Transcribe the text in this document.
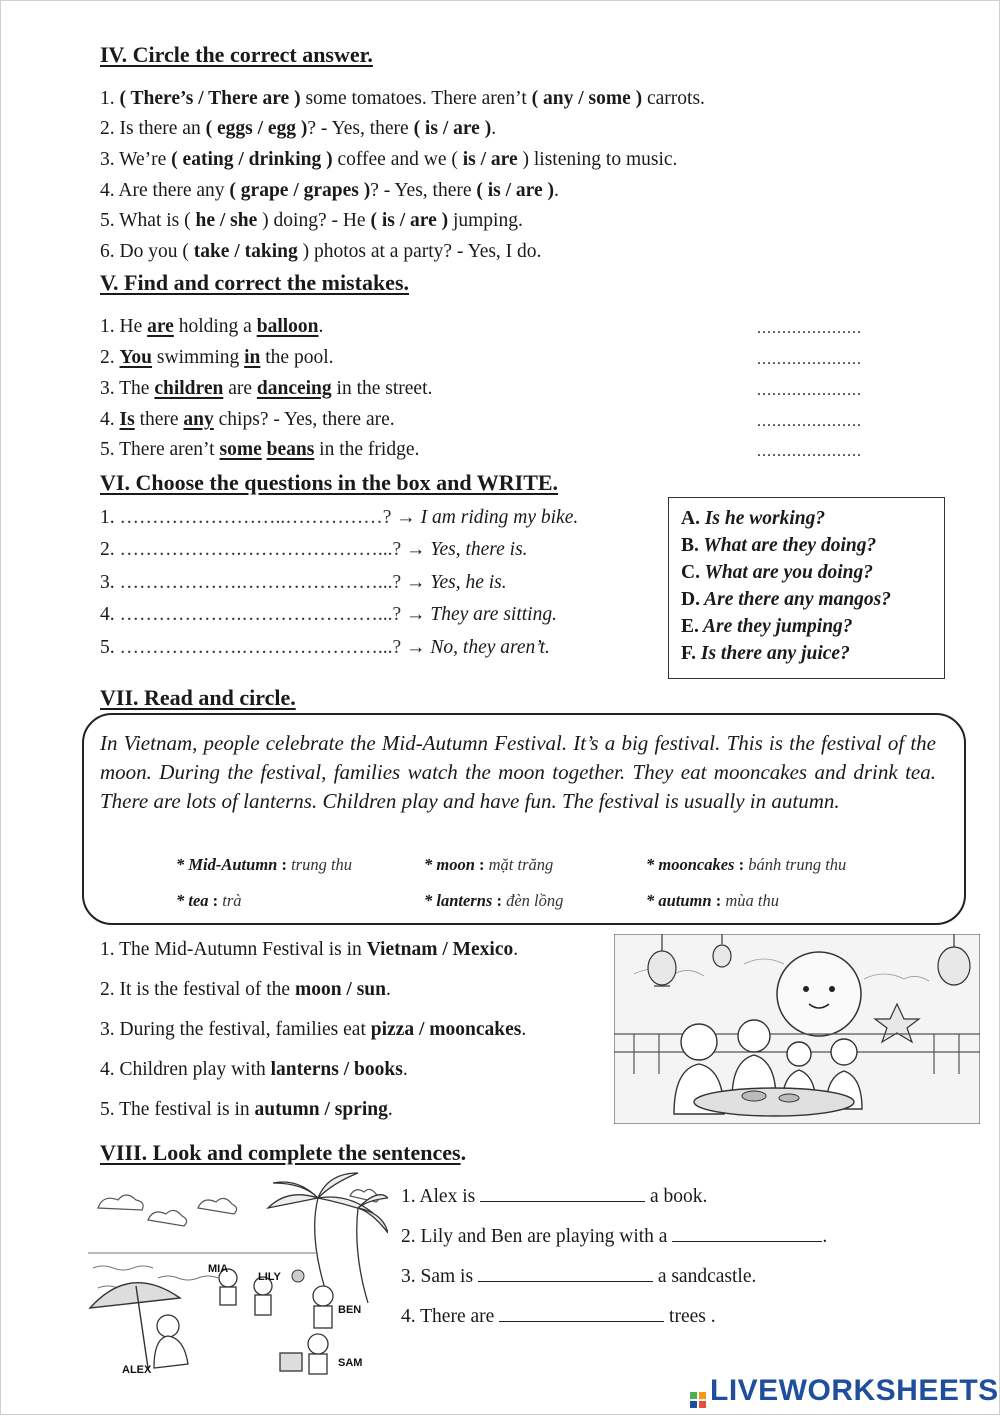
IV. Circle the correct answer.
1. ( There’s / There are ) some tomatoes. There aren’t ( any / some ) carrots.
2. Is there an ( eggs / egg )? - Yes, there ( is / are ).
3. We’re ( eating / drinking ) coffee and we ( is / are ) listening to music.
4. Are there any ( grape / grapes )? - Yes, there ( is / are ).
5. What is ( he / she ) doing? - He ( is / are ) jumping.
6. Do you ( take / taking ) photos at a party? - Yes, I do.
V. Find and correct the mistakes.
1. He are holding a balloon.	.....................
2. You swimming in the pool.	.....................
3. The children are danceing in the street.	.....................
4. Is there any chips? - Yes, there are.	.....................
5. There aren’t some beans in the fridge.	.....................
VI. Choose the questions in the box and WRITE.
1. ……………………..……………? → I am riding my bike.
2. ……………….…………………...? → Yes, there is.
3. ……………….…………………...? → Yes, he is.
4. ……………….…………………...? → They are sitting.
5. ……………….…………………...? → No, they aren’t.
A. Is he working?
B. What are they doing?
C. What are you doing?
D. Are there any mangos?
E. Are they jumping?
F. Is there any juice?
VII. Read and circle.
In Vietnam, people celebrate the Mid-Autumn Festival. It’s a big festival. This is the festival of the moon. During the festival, families watch the moon together. They eat mooncakes and drink tea. There are lots of lanterns. Children play and have fun. The festival is usually in autumn.
* Mid-Autumn : trung thu	* moon : mặt trăng	* mooncakes : bánh trung thu
* tea : trà	* lanterns : đèn lồng	* autumn : mùa thu
1. The Mid-Autumn Festival is in Vietnam / Mexico.
2. It is the festival of the moon / sun.
3. During the festival, families eat pizza / mooncakes.
4. Children play with lanterns / books.
5. The festival is in autumn / spring.
VIII. Look and complete the sentences.
1. Alex is	a book.
2. Lily and Ben are playing with a	.
3. Sam is	a sandcastle.
4. There are	trees .
MIA
LILY
BEN
ALEX
SAM
LIVEWORKSHEETS
